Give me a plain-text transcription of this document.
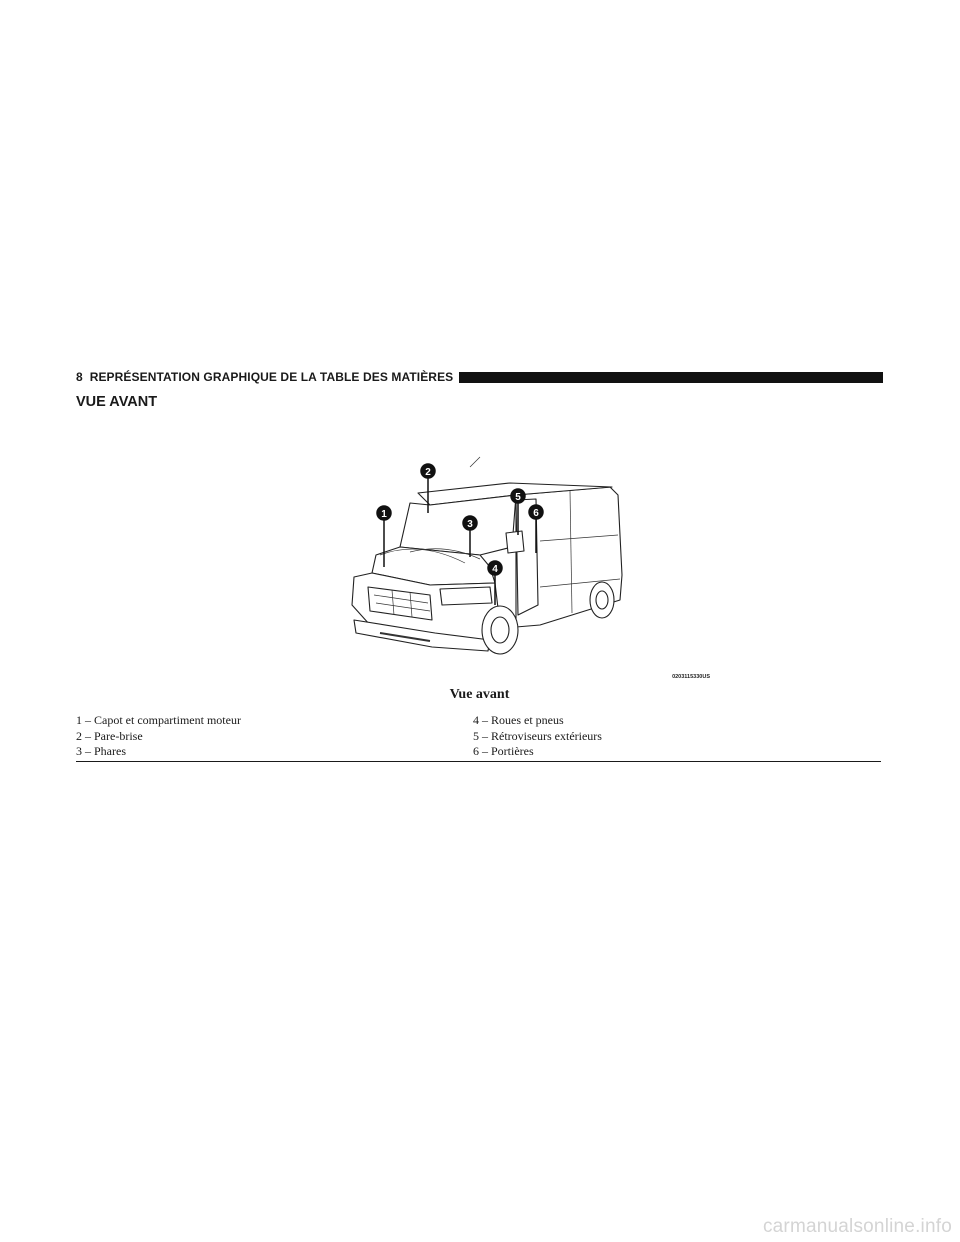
8 REPRÉSENTATION GRAPHIQUE DE LA TABLE DES MATIÈRES
VUE AVANT
1
2
3
4
5
6
0203115330US
Vue avant
1 – Capot et compartiment moteur	4 – Roues et pneus
2 – Pare-brise	5 – Rétroviseurs extérieurs
3 – Phares	6 – Portières
carmanualsonline.info
